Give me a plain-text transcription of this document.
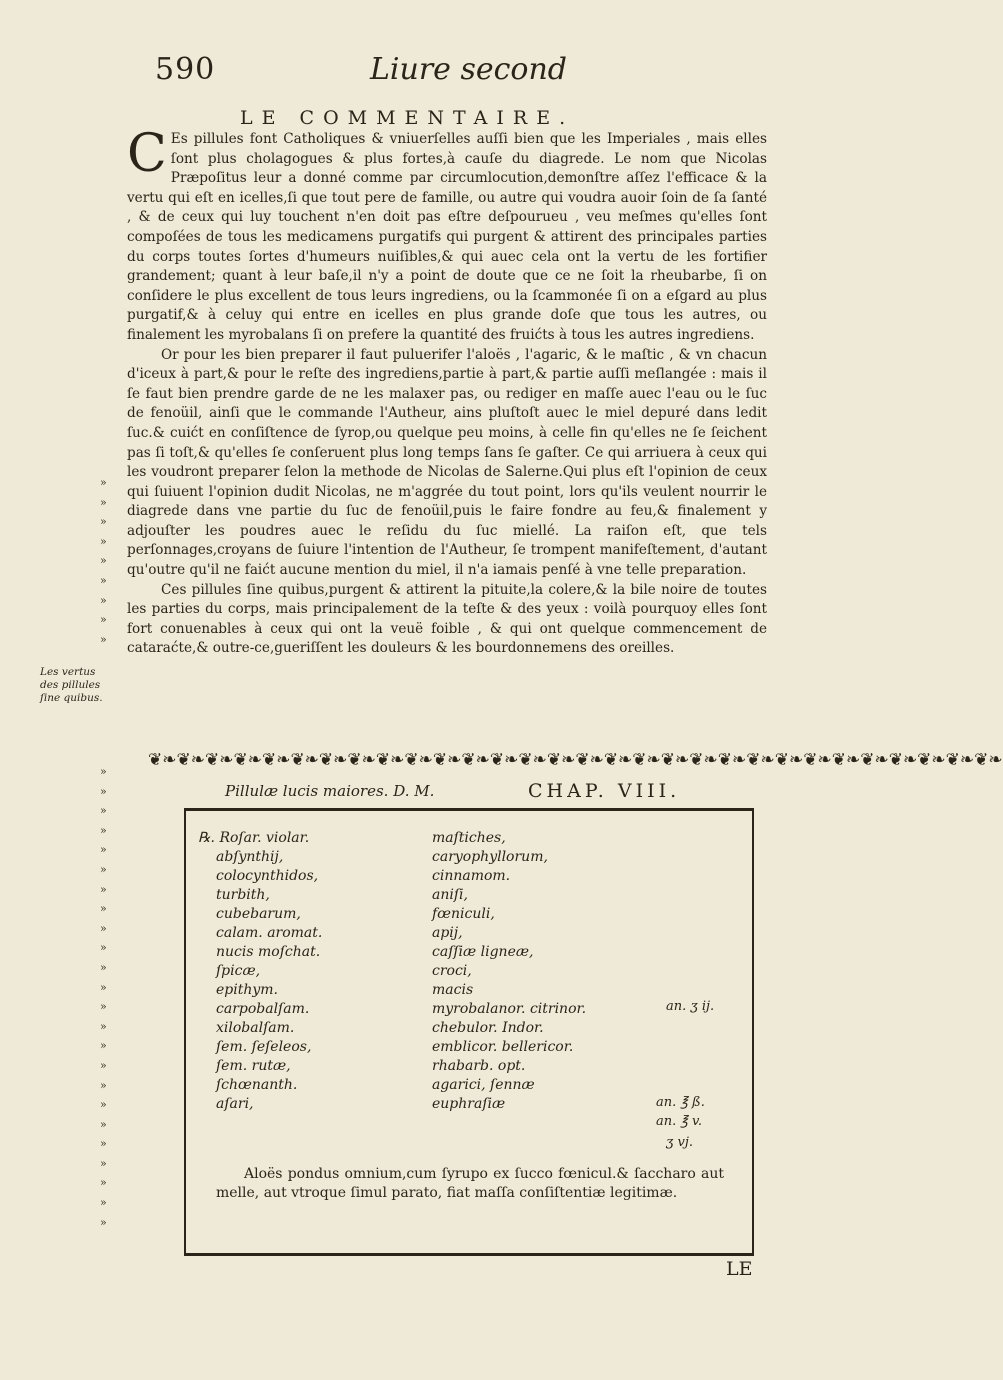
590	Liure second
LE COMMENTAIRE.

C Es pillules font Catholiques & vniuerſelles auſſi bien que les Imperiales , mais elles ſont plus cholagogues & plus fortes,à cauſe du diagrede. Le nom que Nicolas Præpoſitus leur a donné comme par circumlocution,demonſtre aſſez l'efficace & la vertu qui eſt en icelles,ſi que tout pere de famille, ou autre qui voudra auoir ſoin de ſa ſanté , & de ceux qui luy touchent n'en doit pas eſtre deſpourueu , veu meſmes qu'elles ſont compoſées de tous les medicamens purgatifs qui purgent & attirent des principales parties du corps toutes ſortes d'humeurs nuiſibles,& qui auec cela ont la vertu de les fortifier grandement; quant à leur baſe,il n'y a point de doute que ce ne ſoit la rheubarbe, ſi on conſidere le plus excellent de tous leurs ingrediens, ou la ſcammonée ſi on a eſgard au plus purgatif,& à celuy qui entre en icelles en plus grande doſe que tous les autres, ou finalement les myrobalans ſi on prefere la quantité des fruićts à tous les autres ingrediens.

Or pour les bien preparer il faut puluerifer l'aloës , l'agaric, & le maſtic , & vn chacun d'iceux à part,& pour le reſte des ingrediens,partie à part,& partie auſſi meſlangée : mais il ſe faut bien prendre garde de ne les malaxer pas, ou rediger en maſſe auec l'eau ou le ſuc de fenoüil, ainſi que le commande l'Autheur, ains pluſtoſt auec le miel depuré dans ledit ſuc.& cuićt en conſiſtence de ſyrop,ou quelque peu moins, à celle fin qu'elles ne ſe ſeichent pas ſi toſt,& qu'elles ſe conſeruent plus long temps ſans ſe gaſter. Ce qui arriuera à ceux qui les voudront preparer ſelon la methode de Nicolas de Salerne.Qui plus eſt l'opinion de ceux qui ſuiuent l'opinion dudit Nicolas, ne m'aggrée du tout point, lors qu'ils veulent nourrir le diagrede dans vne partie du ſuc de fenoüil,puis le faire fondre au feu,& finalement y adjouſter les poudres auec le reſidu du ſuc miellé. La raiſon eſt, que tels perſonnages,croyans de ſuiure l'intention de l'Autheur, ſe trompent manifeſtement, d'autant qu'outre qu'il ne faićt aucune mention du miel, il n'a iamais penſé à vne telle preparation.

Ces pillules ſine quibus,purgent & attirent la pituite,la colere,& la bile noire de toutes les parties du corps, mais principalement de la teſte & des yeux : voilà pourquoy elles ſont fort conuenables à ceux qui ont la veuë foible , & qui ont quelque commencement de cataraćte,& outre-ce,gueriſſent les douleurs & les bourdonnemens des oreilles.

»
»
»
»
»
»
»
»
»
Les vertus des pillules ſine quibus.
❦❧❦❧❦❧❦❧❦❧❦❧❦❧❦❧❦❧❦❧❦❧❦❧❦❧❦❧❦❧❦❧❦❧❦❧❦❧❦❧❦❧❦❧❦❧❦❧❦❧❦❧❦❧❦❧❦❧❦❧
»
»
»
»
»
»
»
»
»
»
»
»
»
»
»
»
»
»
»
»
»
»
»
»
Pillulæ lucis maiores. D. M.	CHAP. VIII.
℞. Roſar. violar.
abſynthij,
colocynthidos,
turbith,
cubebarum,
calam. aromat.
nucis moſchat.
ſpicæ,
epithym.
carpobalſam.
xilobalſam.
ſem. ſeſeleos,
ſem. rutæ,
ſchœnanth.
aſari,
maſtiches,
caryophyllorum,
cinnamom.
aniſi,
fœniculi,
apij,
caſſiæ ligneæ,
croci,
macis
myrobalanor. citrinor.
chebulor. Indor.
emblicor. bellericor.
rhabarb. opt.
agarici, ſennæ
euphraſiæ
an. ʒ ij.
an. ℥ ß.
an. ℥ v.
ʒ vj.

Aloës pondus omnium,cum ſyrupo ex ſucco fœnicul.& ſaccharo aut melle, aut vtroque ſimul parato, fiat maſſa conſiſtentiæ legitimæ.

LE
